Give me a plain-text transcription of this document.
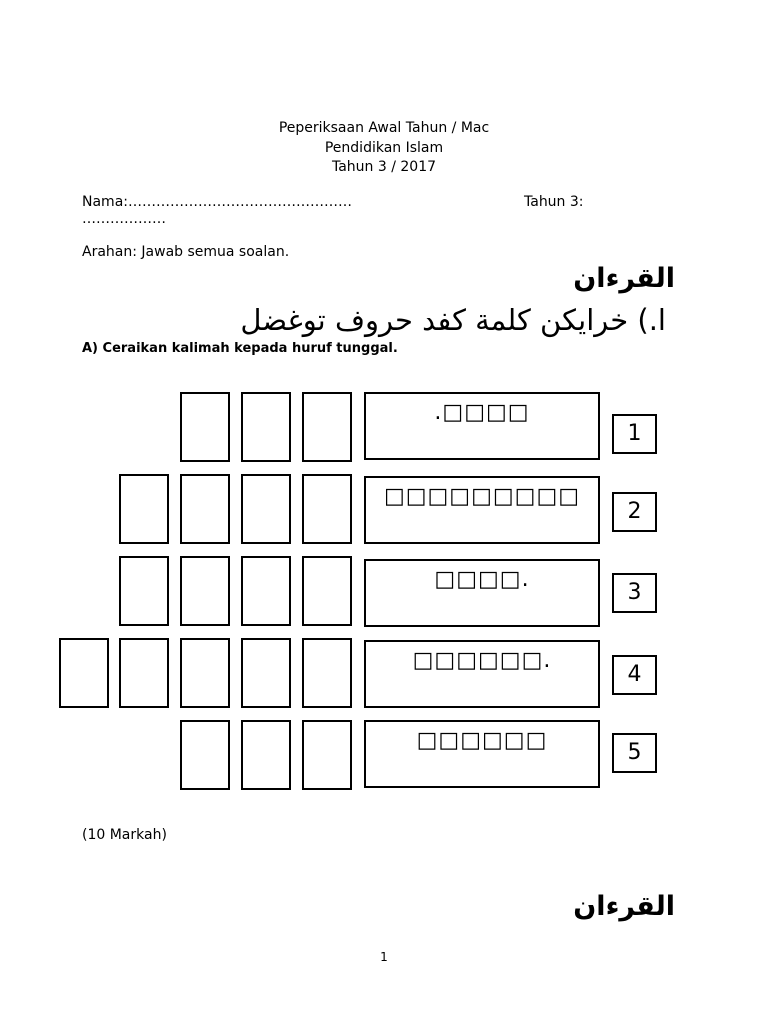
Peperiksaan Awal Tahun / Mac
Pendidikan Islam
Tahun 3 / 2017
Nama:…………………………………………	Tahun 3:
………………
Arahan: Jawab semua soalan.
القرءان
ا.) خرايكن كلمة كفد حروف توغضل
A) Ceraikan kalimah kepada huruf tunggal.
.□□□□
1
□□□□□□□□□
2
□□□□.
3
□□□□□□.
4
□□□□□□	5
(10 Markah)
القرءان
1
